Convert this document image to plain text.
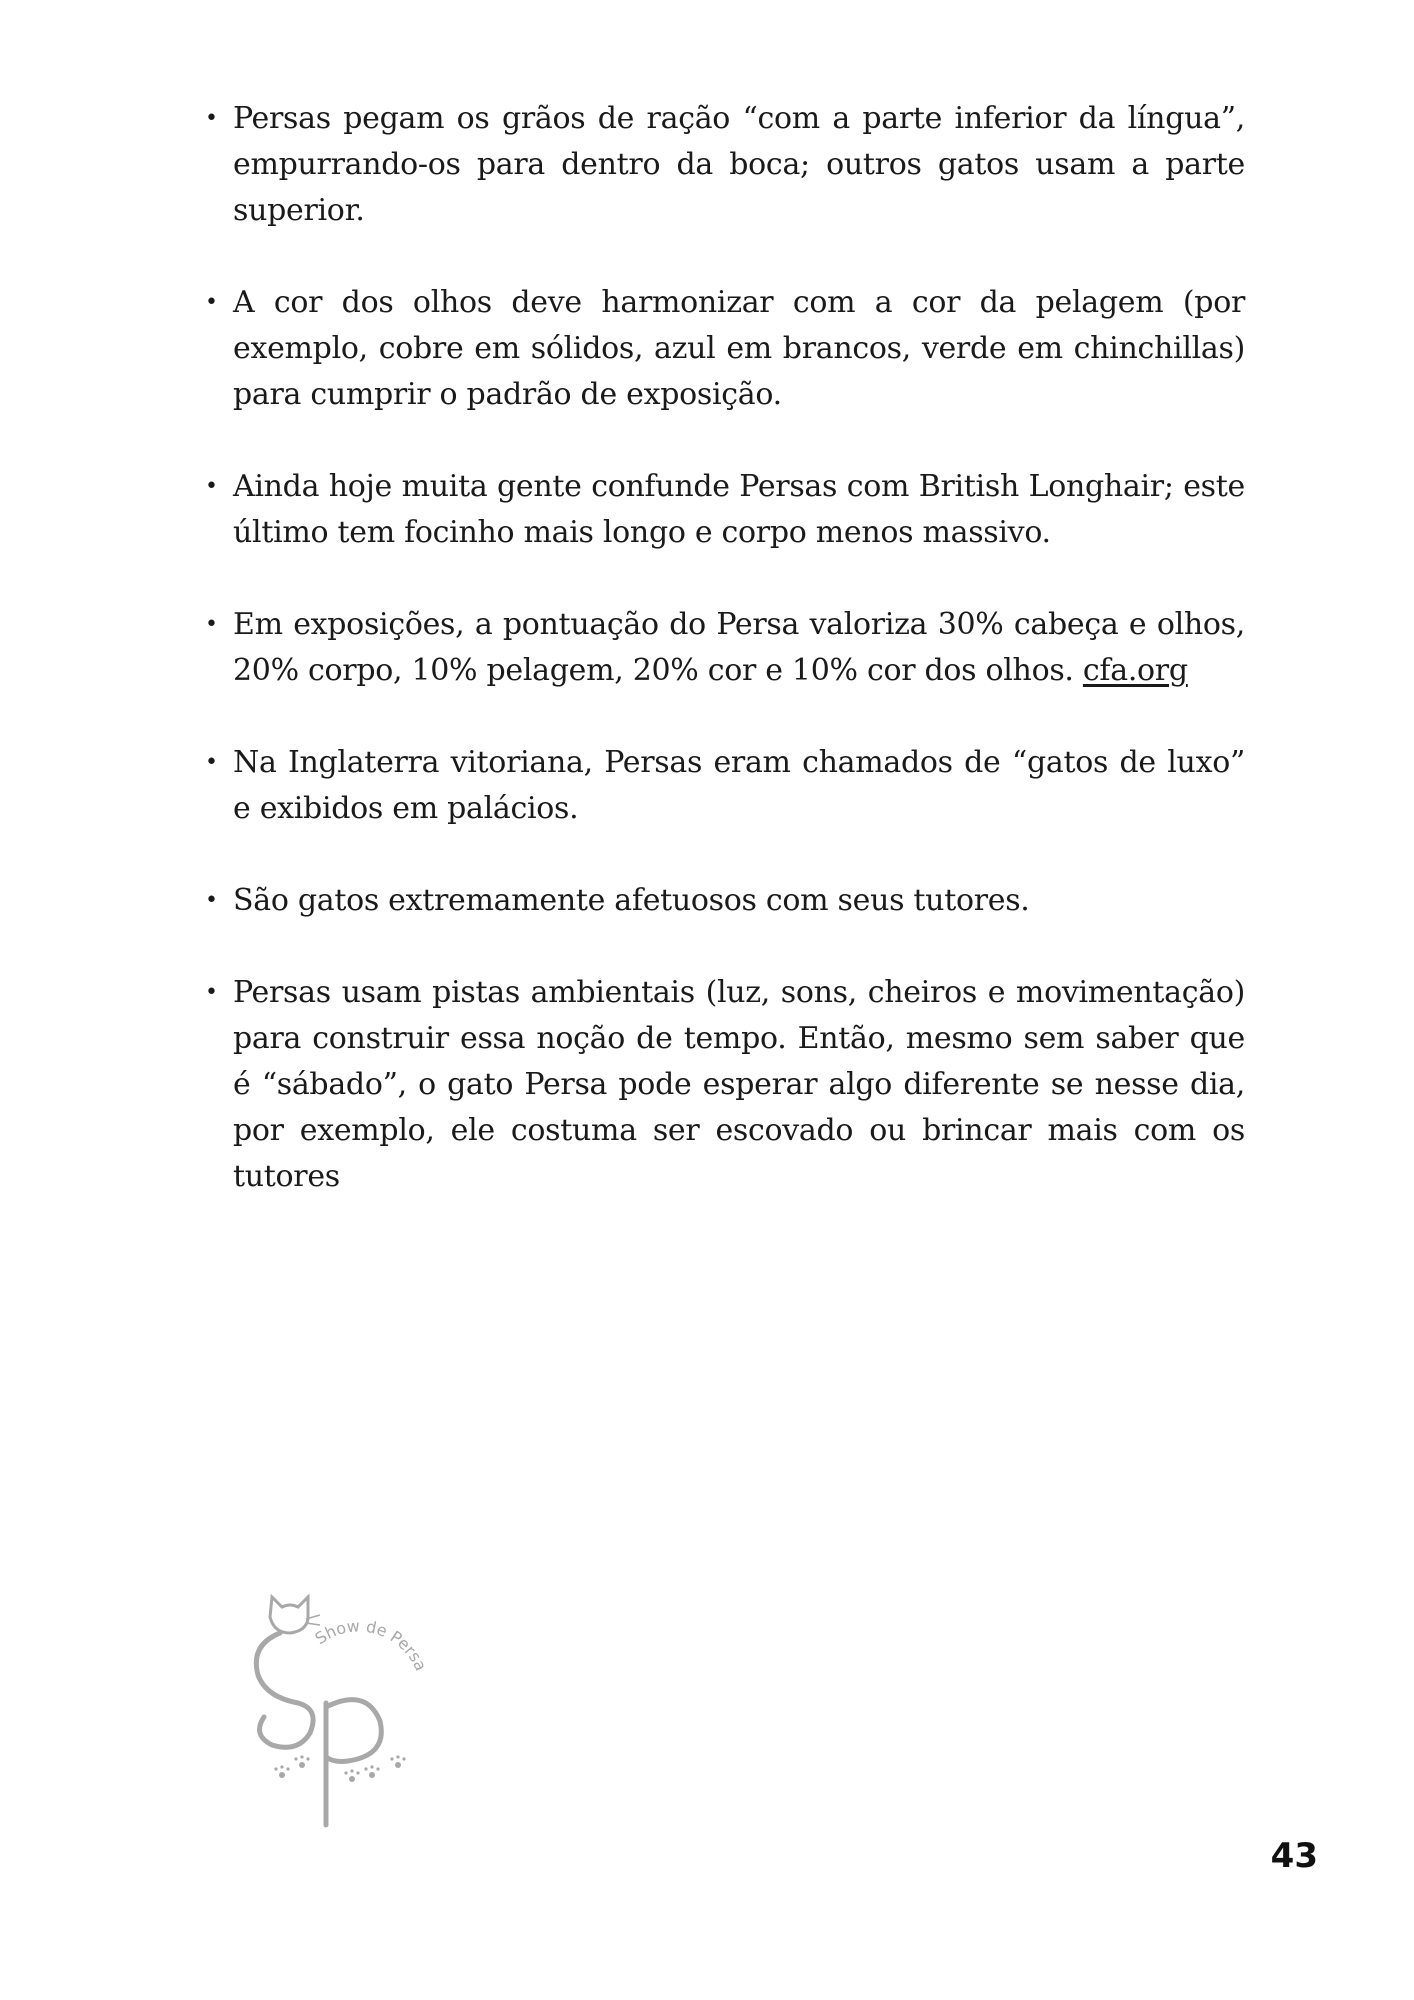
• Persas pegam os grãos de ração “com a parte inferior da língua”, empurrando-os para dentro da boca; outros gatos usam a parte superior.
• A cor dos olhos deve harmonizar com a cor da pelagem (por exemplo, cobre em sólidos, azul em brancos, verde em chinchillas) para cumprir o padrão de exposição.
• Ainda hoje muita gente confunde Persas com British Longhair; este último tem focinho mais longo e corpo menos massivo.
• Em exposições, a pontuação do Persa valoriza 30% cabeça e olhos, 20% corpo, 10% pelagem, 20% cor e 10% cor dos olhos. cfa.org
• Na Inglaterra vitoriana, Persas eram chamados de “gatos de luxo” e exibidos em palácios.
• São gatos extremamente afetuosos com seus tutores.
• Persas usam pistas ambientais (luz, sons, cheiros e movimentação) para construir essa noção de tempo. Então, mesmo sem saber que é “sábado”, o gato Persa pode esperar algo diferente se nesse dia, por exemplo, ele costuma ser escovado ou brincar mais com os tutores
Show de Persa
43
